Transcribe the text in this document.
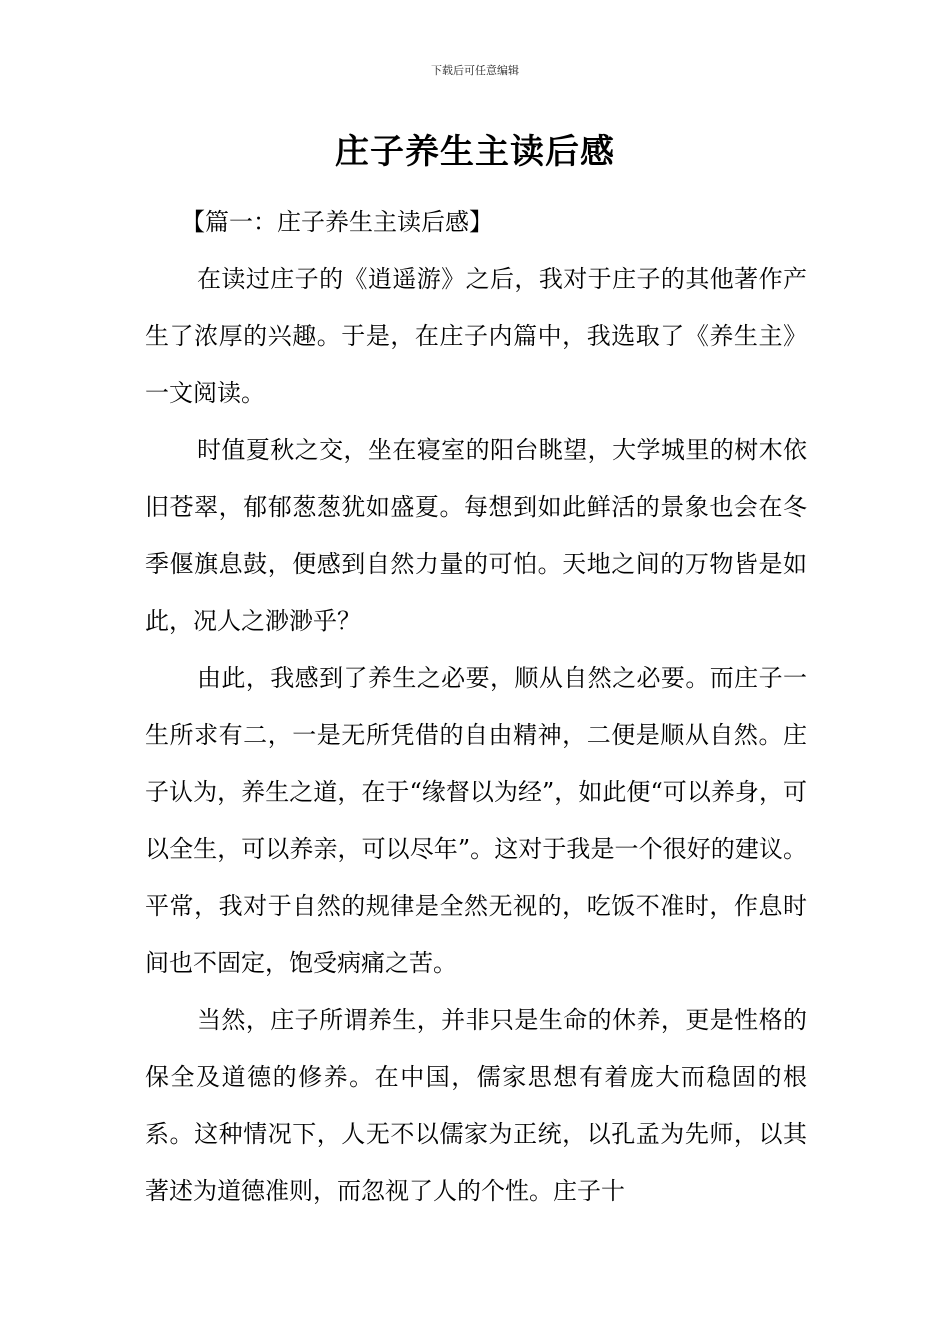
下载后可任意编辑
庄子养生主读后感

【篇一：庄子养生主读后感】

在读过庄子的《逍遥游》之后，我对于庄子的其他著作产生了浓厚的兴趣。于是，在庄子内篇中，我选取了《养生主》一文阅读。

时值夏秋之交，坐在寝室的阳台眺望，大学城里的树木依旧苍翠，郁郁葱葱犹如盛夏。每想到如此鲜活的景象也会在冬季偃旗息鼓，便感到自然力量的可怕。天地之间的万物皆是如此，况人之渺渺乎？

由此，我感到了养生之必要，顺从自然之必要。而庄子一生所求有二，一是无所凭借的自由精神，二便是顺从自然。庄子认为，养生之道，在于“缘督以为经”，如此便“可以养身，可以全生，可以养亲，可以尽年”。这对于我是一个很好的建议。平常，我对于自然的规律是全然无视的，吃饭不准时，作息时间也不固定，饱受病痛之苦。

当然，庄子所谓养生，并非只是生命的休养，更是性格的保全及道德的修养。在中国，儒家思想有着庞大而稳固的根系。这种情况下，人无不以儒家为正统，以孔孟为先师，以其著述为道德准则，而忽视了人的个性。庄子十
